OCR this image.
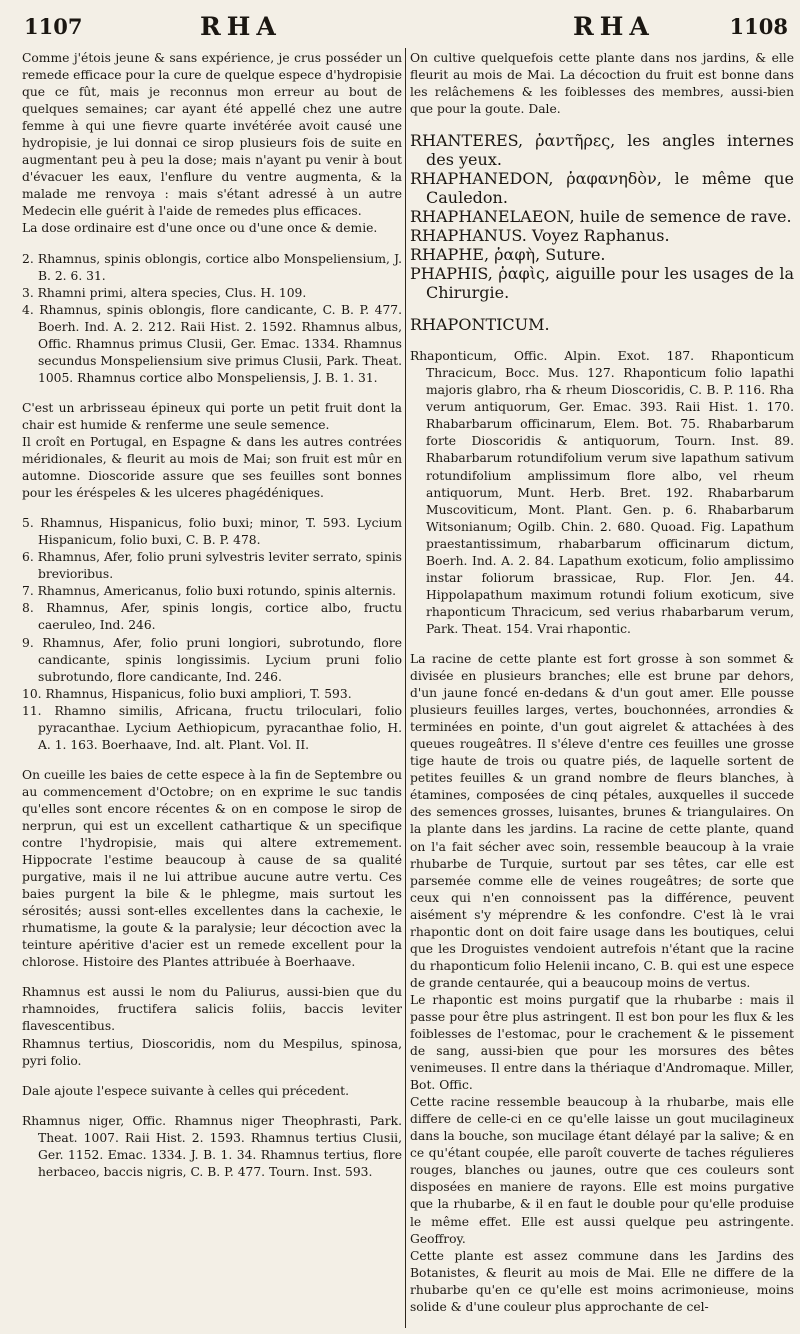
1107	RHA	RHA	1108

Comme j'étois jeune & sans expérience, je crus posséder un remede efficace pour la cure de quelque espece d'hydropisie que ce fût, mais je reconnus mon erreur au bout de quelques semaines; car ayant été appellé chez une autre femme à qui une fievre quarte invétérée avoit causé une hydropisie, je lui donnai ce sirop plusieurs fois de suite en augmentant peu à peu la dose; mais n'ayant pu venir à bout d'évacuer les eaux, l'enflure du ventre augmenta, & la malade me renvoya : mais s'étant adressé à un autre Medecin elle guérit à l'aide de remedes plus efficaces.

La dose ordinaire est d'une once ou d'une once & demie.

2. Rhamnus, spinis oblongis, cortice albo Monspeliensium, J. B. 2. 6. 31.

3. Rhamni primi, altera species, Clus. H. 109.

4. Rhamnus, spinis oblongis, flore candicante, C. B. P. 477. Boerh. Ind. A. 2. 212. Raii Hist. 2. 1592. Rhamnus albus, Offic. Rhamnus primus Clusii, Ger. Emac. 1334. Rhamnus secundus Monspeliensium sive primus Clusii, Park. Theat. 1005. Rhamnus cortice albo Monspeliensis, J. B. 1. 31.

C'est un arbrisseau épineux qui porte un petit fruit dont la chair est humide & renferme une seule semence.

Il croît en Portugal, en Espagne & dans les autres contrées méridionales, & fleurit au mois de Mai; son fruit est mûr en automne. Dioscoride assure que ses feuilles sont bonnes pour les éréspeles & les ulceres phagédéniques.

5. Rhamnus, Hispanicus, folio buxi; minor, T. 593. Lycium Hispanicum, folio buxi, C. B. P. 478.

6. Rhamnus, Afer, folio pruni sylvestris leviter serrato, spinis brevioribus.

7. Rhamnus, Americanus, folio buxi rotundo, spinis alternis.

8. Rhamnus, Afer, spinis longis, cortice albo, fructu caeruleo, Ind. 246.

9. Rhamnus, Afer, folio pruni longiori, subrotundo, flore candicante, spinis longissimis. Lycium pruni folio subrotundo, flore candicante, Ind. 246.

10. Rhamnus, Hispanicus, folio buxi ampliori, T. 593.

11. Rhamno similis, Africana, fructu triloculari, folio pyracanthae. Lycium Aethiopicum, pyracanthae folio, H. A. 1. 163. Boerhaave, Ind. alt. Plant. Vol. II.

On cueille les baies de cette espece à la fin de Septembre ou au commencement d'Octobre; on en exprime le suc tandis qu'elles sont encore récentes & on en compose le sirop de nerprun, qui est un excellent cathartique & un specifique contre l'hydropisie, mais qui altere extremement. Hippocrate l'estime beaucoup à cause de sa qualité purgative, mais il ne lui attribue aucune autre vertu. Ces baies purgent la bile & le phlegme, mais surtout les sérosités; aussi sont-elles excellentes dans la cachexie, le rhumatisme, la goute & la paralysie; leur décoction avec la teinture apéritive d'acier est un remede excellent pour la chlorose. Histoire des Plantes attribuée à Boerhaave.

Rhamnus est aussi le nom du Paliurus, aussi-bien que du rhamnoides, fructifera salicis foliis, baccis leviter flavescentibus.

Rhamnus tertius, Dioscoridis, nom du Mespilus, spinosa, pyri folio.

Dale ajoute l'espece suivante à celles qui précedent.

Rhamnus niger, Offic. Rhamnus niger Theophrasti, Park. Theat. 1007. Raii Hist. 2. 1593. Rhamnus tertius Clusii, Ger. 1152. Emac. 1334. J. B. 1. 34. Rhamnus tertius, flore herbaceo, baccis nigris, C. B. P. 477. Tourn. Inst. 593.

On cultive quelquefois cette plante dans nos jardins, & elle fleurit au mois de Mai. La décoction du fruit est bonne dans les relâchemens & les foiblesses des membres, aussi-bien que pour la goute. Dale.

RHANTERES, ῥαντῆρες, les angles internes des yeux.

RHAPHANEDON, ῥαφανηδὸν, le même que Cauledon.

RHAPHANELAEON, huile de semence de rave.

RHAPHANUS. Voyez Raphanus.

RHAPHE, ῥαφὴ, Suture.

PHAPHIS, ῥαφὶς, aiguille pour les usages de la Chirurgie.

RHAPONTICUM.

Rhaponticum, Offic. Alpin. Exot. 187. Rhaponticum Thracicum, Bocc. Mus. 127. Rhaponticum folio lapathi majoris glabro, rha & rheum Dioscoridis, C. B. P. 116. Rha verum antiquorum, Ger. Emac. 393. Raii Hist. 1. 170. Rhabarbarum officinarum, Elem. Bot. 75. Rhabarbarum forte Dioscoridis & antiquorum, Tourn. Inst. 89. Rhabarbarum rotundifolium verum sive lapathum sativum rotundifolium amplissimum flore albo, vel rheum antiquorum, Munt. Herb. Bret. 192. Rhabarbarum Muscoviticum, Mont. Plant. Gen. p. 6. Rhabarbarum Witsonianum; Ogilb. Chin. 2. 680. Quoad. Fig. Lapathum praestantissimum, rhabarbarum officinarum dictum, Boerh. Ind. A. 2. 84. Lapathum exoticum, folio amplissimo instar foliorum brassicae, Rup. Flor. Jen. 44. Hippolapathum maximum rotundi folium exoticum, sive rhaponticum Thracicum, sed verius rhabarbarum verum, Park. Theat. 154. Vrai rhapontic.

La racine de cette plante est fort grosse à son sommet & divisée en plusieurs branches; elle est brune par dehors, d'un jaune foncé en-dedans & d'un gout amer. Elle pousse plusieurs feuilles larges, vertes, bouchonnées, arrondies & terminées en pointe, d'un gout aigrelet & attachées à des queues rougeâtres. Il s'éleve d'entre ces feuilles une grosse tige haute de trois ou quatre piés, de laquelle sortent de petites feuilles & un grand nombre de fleurs blanches, à étamines, composées de cinq pétales, auxquelles il succede des semences grosses, luisantes, brunes & triangulaires. On la plante dans les jardins. La racine de cette plante, quand on l'a fait sécher avec soin, ressemble beaucoup à la vraie rhubarbe de Turquie, surtout par ses têtes, car elle est parsemée comme elle de veines rougeâtres; de sorte que ceux qui n'en connoissent pas la différence, peuvent aisément s'y méprendre & les confondre. C'est là le vrai rhapontic dont on doit faire usage dans les boutiques, celui que les Droguistes vendoient autrefois n'étant que la racine du rhaponticum folio Helenii incano, C. B. qui est une espece de grande centaurée, qui a beaucoup moins de vertus.

Le rhapontic est moins purgatif que la rhubarbe : mais il passe pour être plus astringent. Il est bon pour les flux & les foiblesses de l'estomac, pour le crachement & le pissement de sang, aussi-bien que pour les morsures des bêtes venimeuses. Il entre dans la thériaque d'Andromaque. Miller, Bot. Offic.

Cette racine ressemble beaucoup à la rhubarbe, mais elle differe de celle-ci en ce qu'elle laisse un gout mucilagineux dans la bouche, son mucilage étant délayé par la salive; & en ce qu'étant coupée, elle paroît couverte de taches régulieres rouges, blanches ou jaunes, outre que ces couleurs sont disposées en maniere de rayons. Elle est moins purgative que la rhubarbe, & il en faut le double pour qu'elle produise le même effet. Elle est aussi quelque peu astringente. Geoffroy.

Cette plante est assez commune dans les Jardins des Botanistes, & fleurit au mois de Mai. Elle ne differe de la rhubarbe qu'en ce qu'elle est moins acrimonieuse, moins solide & d'une couleur plus approchante de cel-
